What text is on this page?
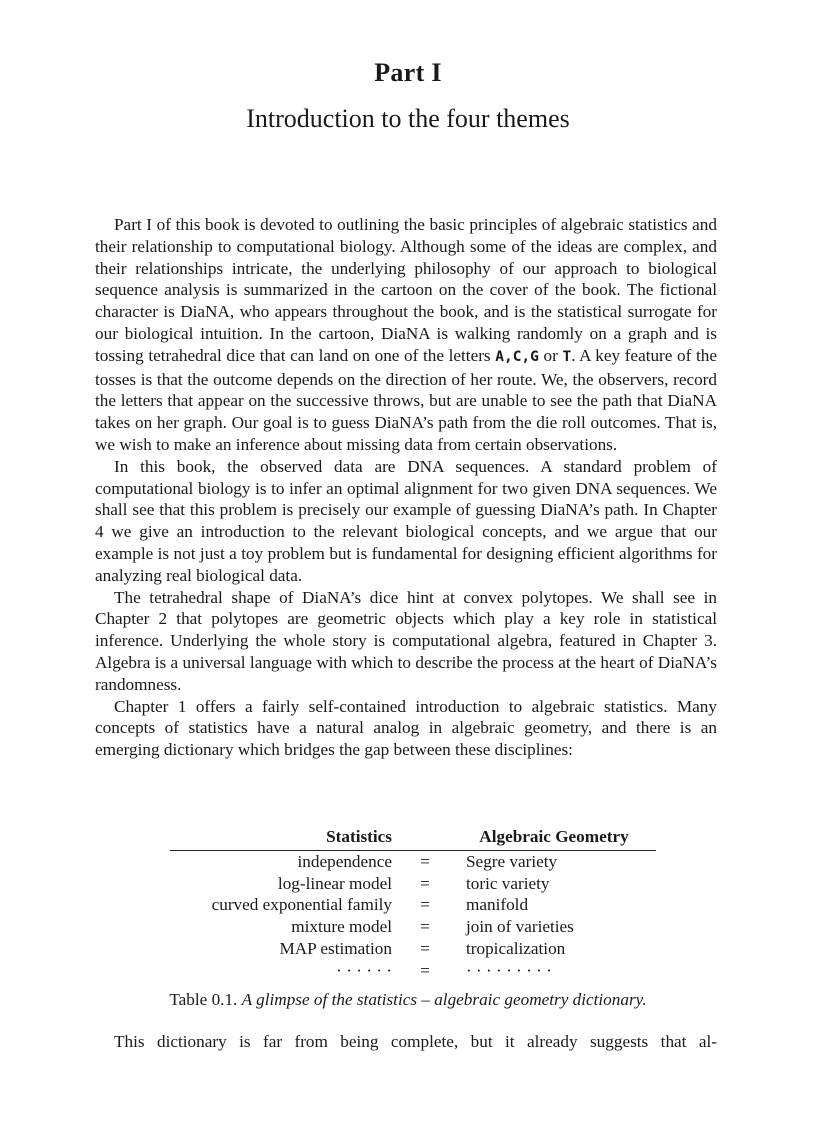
Part I
Introduction to the four themes

Part I of this book is devoted to outlining the basic principles of algebraic statistics and their relationship to computational biology. Although some of the ideas are complex, and their relationships intricate, the underlying philosophy of our approach to biological sequence analysis is summarized in the cartoon on the cover of the book. The fictional character is DiaNA, who appears throughout the book, and is the statistical surrogate for our biological intuition. In the cartoon, DiaNA is walking randomly on a graph and is tossing tetrahedral dice that can land on one of the letters A,C,G or T. A key feature of the tosses is that the outcome depends on the direction of her route. We, the observers, record the letters that appear on the successive throws, but are unable to see the path that DiaNA takes on her graph. Our goal is to guess DiaNA’s path from the die roll outcomes. That is, we wish to make an inference about missing data from certain observations.

In this book, the observed data are DNA sequences. A standard problem of computational biology is to infer an optimal alignment for two given DNA sequences. We shall see that this problem is precisely our example of guessing DiaNA’s path. In Chapter 4 we give an introduction to the relevant biological concepts, and we argue that our example is not just a toy problem but is fundamental for designing efficient algorithms for analyzing real biological data.

The tetrahedral shape of DiaNA’s dice hint at convex polytopes. We shall see in Chapter 2 that polytopes are geometric objects which play a key role in statistical inference. Underlying the whole story is computational algebra, featured in Chapter 3. Algebra is a universal language with which to describe the process at the heart of DiaNA’s randomness.

Chapter 1 offers a fairly self-contained introduction to algebraic statistics. Many concepts of statistics have a natural analog in algebraic geometry, and there is an emerging dictionary which bridges the gap between these disciplines:

Statistics		Algebraic Geometry
independence	=	Segre variety
log-linear model	=	toric variety
curved exponential family	=	manifold
mixture model	=	join of varieties
MAP estimation	=	tropicalization
· · · · · ·	=	· · · · · · · · ·
Table 0.1. A glimpse of the statistics – algebraic geometry dictionary.
This dictionary is far from being complete, but it already suggests that al-
